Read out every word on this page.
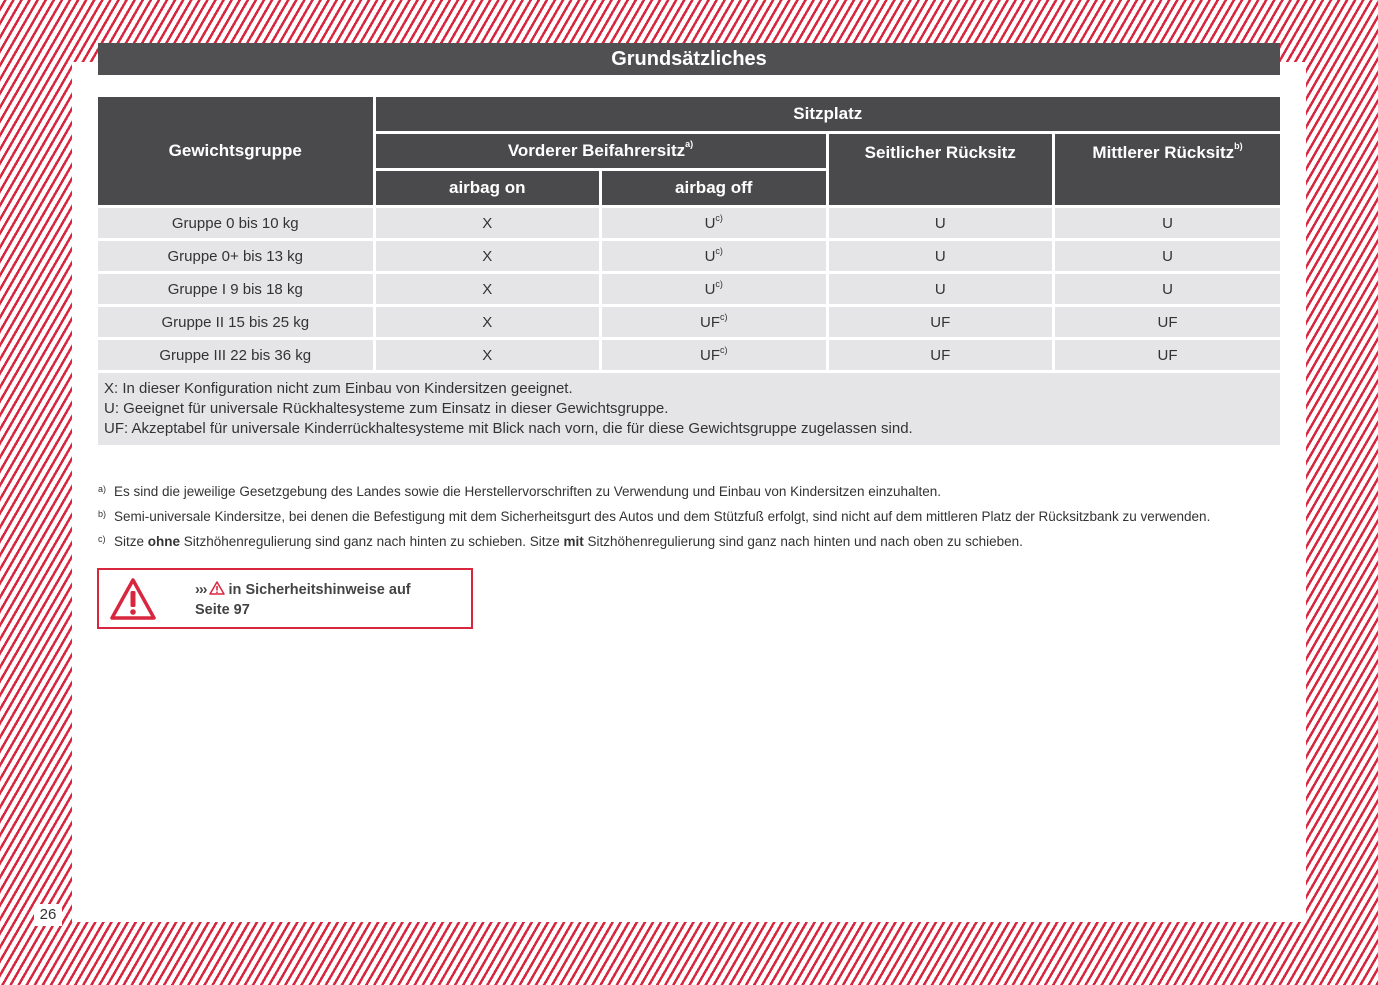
26
Grundsätzliches
Gewichtsgruppe	Sitzplatz			
	Vorderer Beifahrersitz$^{a)}$		Seitlicher Rücksitz	Mittlerer Rücksitz$^{b)}$
	airbag on	airbag off		
Gruppe 0 bis 10 kg	X	$U^{c)}$	U	U
Gruppe 0+ bis 13 kg	X	$U^{c)}$	U	U
Gruppe I 9 bis 18 kg	X	$U^{c)}$	U	U
Gruppe II 15 bis 25 kg	X	UF$^{c)}$	UF	UF
Gruppe III 22 bis 36 kg	X	UF$^{c)}$	UF	UF

X: In dieser Konfiguration nicht zum Einbau von Kindersitzen geeignet.
U: Geeignet für universale Rückhaltesysteme zum Einsatz in dieser Gewichtsgruppe.
UF: Akzeptabel für universale Kinderrückhaltesysteme mit Blick nach vorn, die für diese Gewichtsgruppe zugelassen sind.				
a) Es sind die jeweilige Gesetzgebung des Landes sowie die Herstellervorschriften zu Verwendung und Einbau von Kindersitzen einzuhalten.
b) Semi-universale Kindersitze, bei denen die Befestigung mit dem Sicherheitsgurt des Autos und dem Stützfuß erfolgt, sind nicht auf dem mittleren Platz der Rücksitzbank zu verwenden.
c) Sitze ohne Sitzhöhenregulierung sind ganz nach hinten zu schieben. Sitze mit Sitzhöhenregulierung sind ganz nach hinten und nach oben zu schieben.
››› in Sicherheitshinweise auf
Seite 97
